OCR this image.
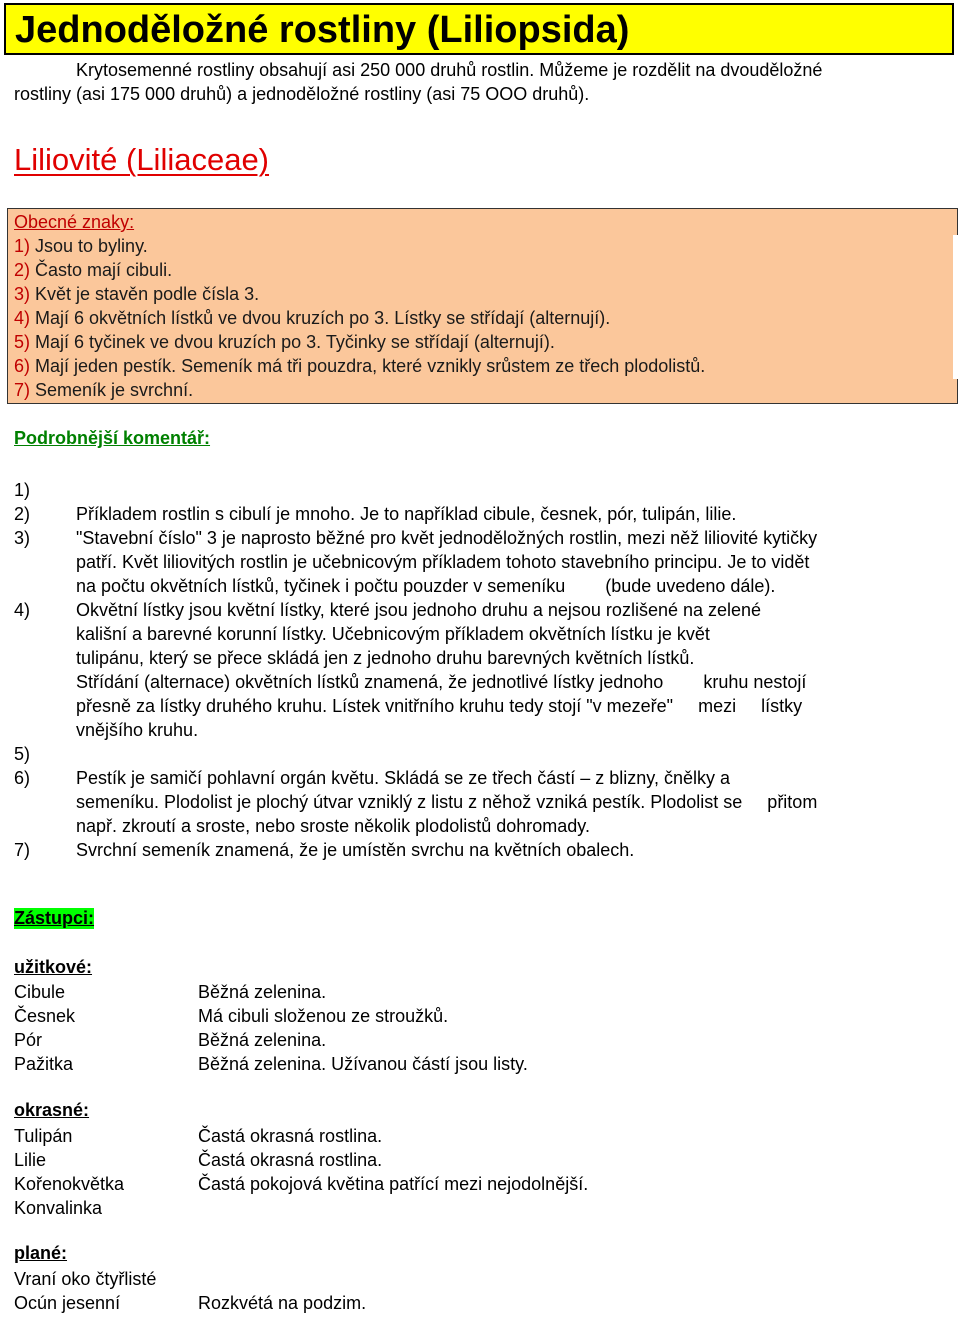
Jednoděložné rostliny (Liliopsida)
Krytosemenné rostliny obsahují asi 250 000 druhů rostlin. Můžeme je rozdělit na dvouděložné
rostliny (asi 175 000 druhů) a jednoděložné rostliny (asi 75 OOO druhů).
Liliovité (Liliaceae)
Obecné znaky:
1) Jsou to byliny.
2) Často mají cibuli.
3) Květ je stavěn podle čísla 3.
4) Mají 6 okvětních lístků ve dvou kruzích po 3. Lístky se střídají (alternují).
5) Mají 6 tyčinek ve dvou kruzích po 3. Tyčinky se střídají (alternují).
6) Mají jeden pestík. Semeník má tři pouzdra, které vznikly srůstem ze třech plodolistů.
7) Semeník je svrchní.
Podrobnější komentář:
1)
2)	Příkladem rostlin s cibulí je mnoho. Je to například cibule, česnek, pór, tulipán, lilie.
3)	"Stavební číslo" 3 je naprosto běžné pro květ jednoděložných rostlin, mezi něž liliovité kytičky
patří. Květ liliovitých rostlin je učebnicovým příkladem tohoto stavebního principu. Je to vidět
na počtu okvětních lístků, tyčinek i počtu pouzder v semeníku        (bude uvedeno dále).
4)	Okvětní lístky jsou květní lístky, které jsou jednoho druhu a nejsou rozlišené na zelené
kališní a barevné korunní lístky. Učebnicovým příkladem okvětních lístku je květ
tulipánu, který se přece skládá jen z jednoho druhu barevných květních lístků.
Střídání (alternace) okvětních lístků znamená, že jednotlivé lístky jednoho        kruhu nestojí
přesně za lístky druhého kruhu. Lístek vnitřního kruhu tedy stojí "v mezeře"     mezi     lístky
vnějšího kruhu.
5)
6)	Pestík je samičí pohlavní orgán květu. Skládá se ze třech částí – z blizny, čnělky a
semeníku. Plodolist je plochý útvar vzniklý z listu z něhož vzniká pestík. Plodolist se     přitom
např. zkroutí a sroste, nebo sroste několik plodolistů dohromady.
7)	Svrchní semeník znamená, že je umístěn svrchu na květních obalech.
Zástupci:
užitkové:
Cibule	Běžná zelenina.
Česnek	Má cibuli složenou ze stroužků.
Pór	Běžná zelenina.
Pažitka	Běžná zelenina. Užívanou částí jsou listy.
okrasné:
Tulipán	Častá okrasná rostlina.
Lilie	Častá okrasná rostlina.
Kořenokvětka	Častá pokojová květina patřící mezi nejodolnější.
Konvalinka
plané:
Vraní oko čtyřlisté
Ocún jesenní	Rozkvétá na podzim.
